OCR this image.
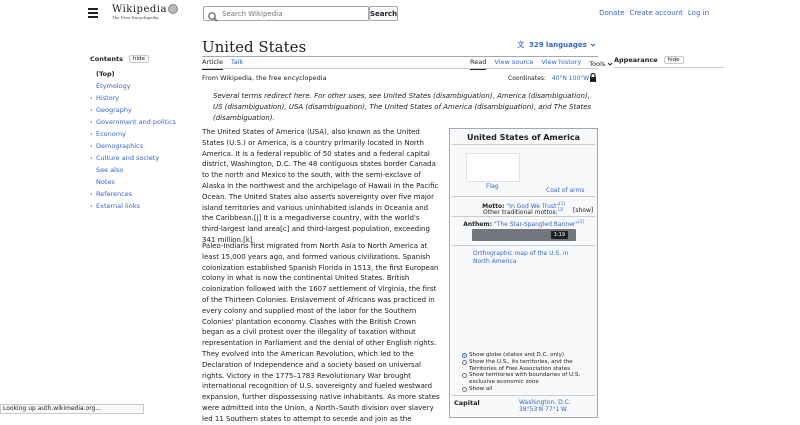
Wikipedia
The Free Encyclopedia
Search Wikipedia	Search	Donate Create account Log in
Contents	hide
(Top)
Etymology
› History
› Geography
› Government and politics
› Economy
› Demographics
› Culture and society
See also
Notes
› References
› External links
United States	文 329 languages
Article Talk	Read View source View history Tools
From Wikipedia, the free encyclopedia	Coordinates: 40°N 100°W
Appearance	hide
Several terms redirect here. For other uses, see United States (disambiguation), America (disambiguation), US (disambiguation), USA (disambiguation), The United States of America (disambiguation), and The States (disambiguation).
The United States of America (USA), also known as the United States (U.S.) or America, is a country primarily located in North America. It is a federal republic of 50 states and a federal capital district, Washington, D.C. The 48 contiguous states border Canada to the north and Mexico to the south, with the semi-exclave of Alaska in the northwest and the archipelago of Hawaii in the Pacific Ocean. The United States also asserts sovereignty over five major island territories and various uninhabited islands in Oceania and the Caribbean.[j] It is a megadiverse country, with the world's third-largest land area[c] and third-largest population, exceeding 341 million.[k]
Paleo-Indians first migrated from North Asia to North America at least 15,000 years ago, and formed various civilizations. Spanish colonization established Spanish Florida in 1513, the first European colony in what is now the continental United States. British colonization followed with the 1607 settlement of Virginia, the first of the Thirteen Colonies. Enslavement of Africans was practiced in every colony and supplied most of the labor for the Southern Colonies' plantation economy. Clashes with the British Crown began as a civil protest over the illegality of taxation without representation in Parliament and the denial of other English rights. They evolved into the American Revolution, which led to the Declaration of Independence and a society based on universal rights. Victory in the 1775–1783 Revolutionary War brought international recognition of U.S. sovereignty and fueled westward expansion, further dispossessing native inhabitants. As more states were admitted into the Union, a North–South division over slavery led 11 Southern states to attempt to secede and join as the
United States of America
Flag
Coat of arms
Motto: "In God We Trust"[1]
Other traditional mottos:[2] [show]
Anthem: "The Star-Spangled Banner"[3]
1:19
Orthographic map of the U.S. in North America
Show globe (states and D.C. only)
Show the U.S., its territories, and the Territories of Free Association states
Show territories with boundaries of U.S. exclusive economic zone
Show all
Capital	Washington, D.C.
38°53′N 77°1′W
Looking up auth.wikimedia.org...
